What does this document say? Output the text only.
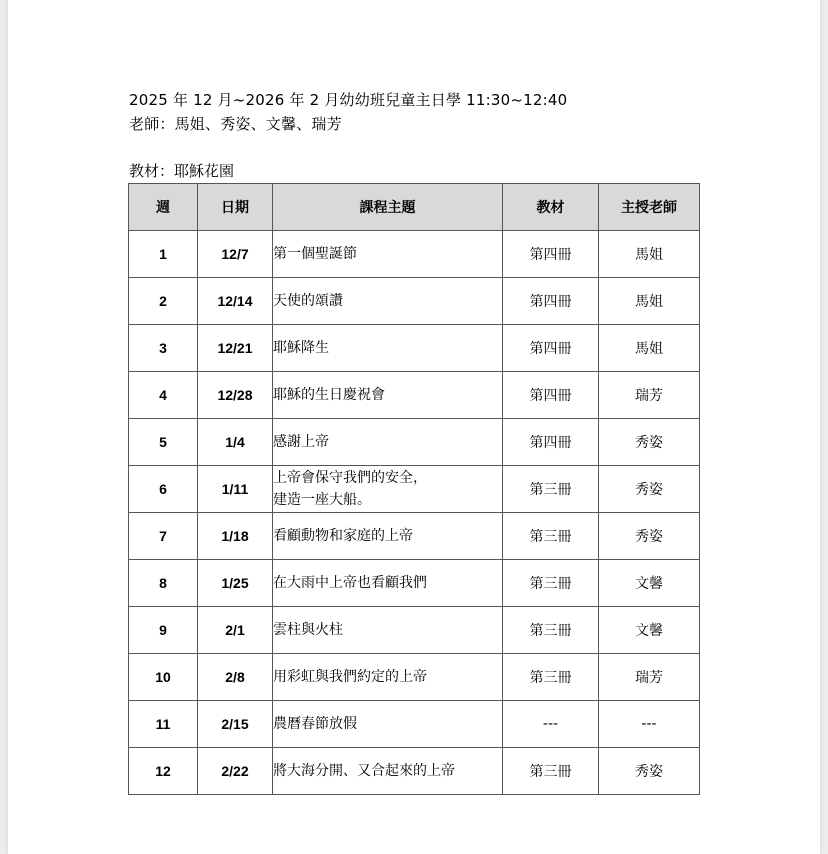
2025 年 12 月~2026 年 2 月幼幼班兒童主日學 11:30~12:40
老師：馬姐、秀姿、文馨、瑞芳
教材：耶穌花園
週	日期	課程主題	教材	主授老師
1	12/7	第一個聖誕節	第四冊	馬姐
2	12/14	天使的頌讚	第四冊	馬姐
3	12/21	耶穌降生	第四冊	馬姐
4	12/28	耶穌的生日慶祝會	第四冊	瑞芳
5	1/4	感謝上帝	第四冊	秀姿
6	1/11	上帝會保守我們的安全，
建造一座大船。	第三冊	秀姿
7	1/18	看顧動物和家庭的上帝	第三冊	秀姿
8	1/25	在大雨中上帝也看顧我們	第三冊	文馨
9	2/1	雲柱與火柱	第三冊	文馨
10	2/8	用彩虹與我們約定的上帝	第三冊	瑞芳
11	2/15	農曆春節放假	---	---
12	2/22	將大海分開、又合起來的上帝	第三冊	秀姿
